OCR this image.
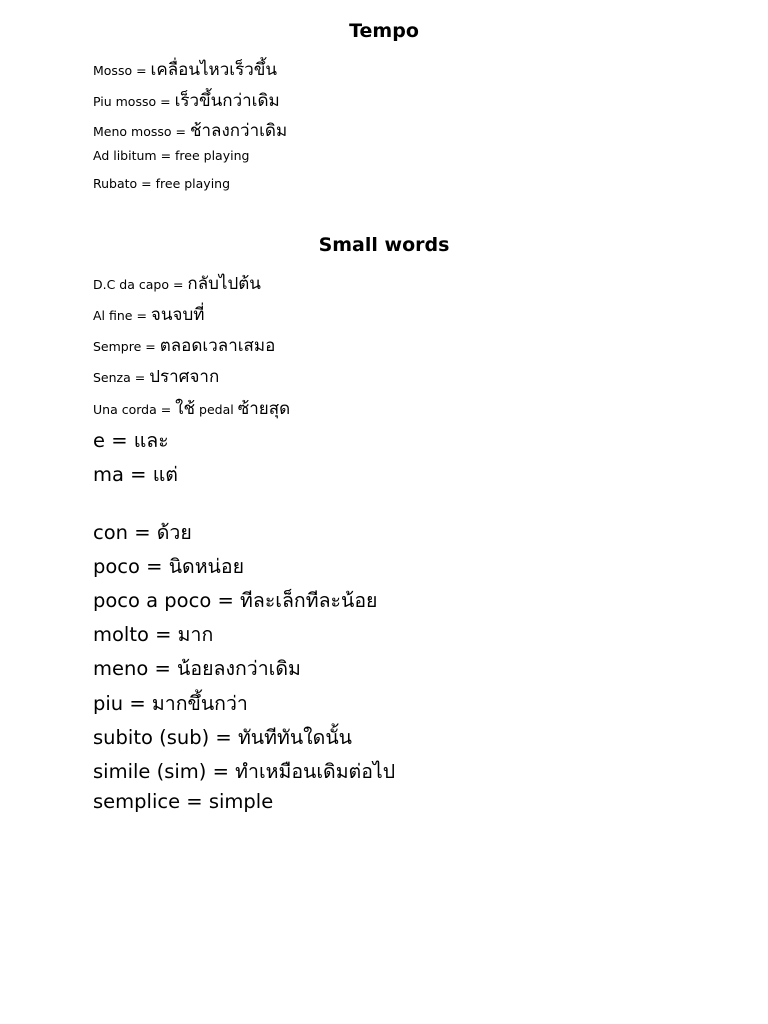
Tempo
Mosso = เคลื่อนไหวเร็วขึ้น
Piu mosso = เร็วขึ้นกว่าเดิม
Meno mosso = ช้าลงกว่าเดิม
Ad libitum = free playing
Rubato = free playing
Small words
D.C da capo = กลับไปต้น
Al fine = จนจบที่
Sempre = ตลอดเวลาเสมอ
Senza = ปราศจาก
Una corda = ใช้ pedal ซ้ายสุด
e = และ
ma = แต่
con = ด้วย
poco = นิดหน่อย
poco a poco = ทีละเล็กทีละน้อย
molto = มาก
meno = น้อยลงกว่าเดิม
piu = มากขึ้นกว่า
subito (sub) = ทันทีทันใดนั้น
simile (sim) = ทำเหมือนเดิมต่อไป
semplice = simple
